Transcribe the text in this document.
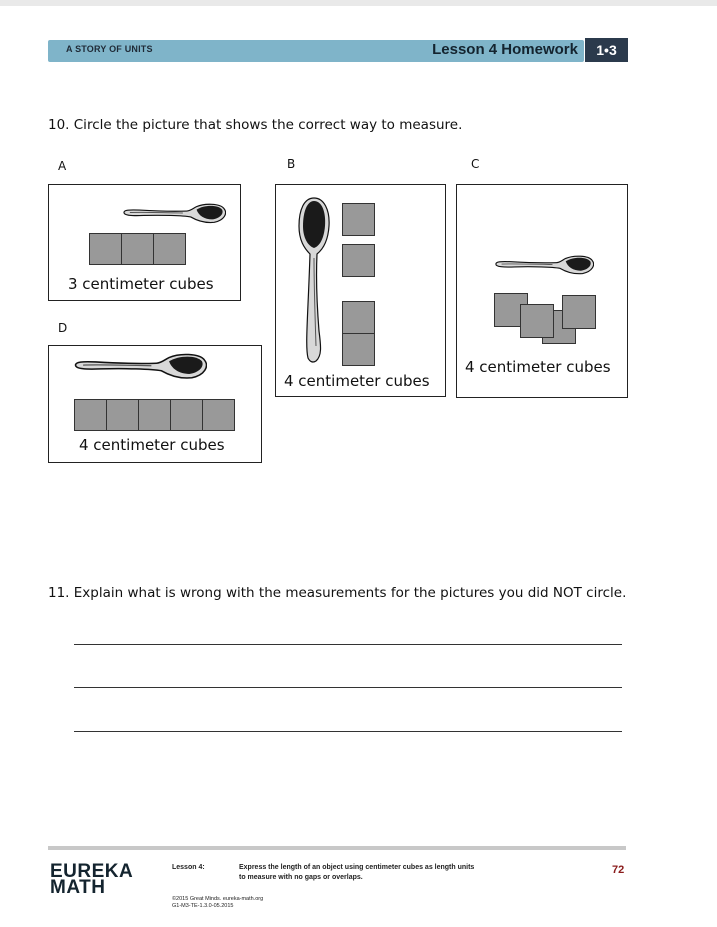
A STORY OF UNITS	Lesson 4 Homework	1•3
10. Circle the picture that shows the correct way to measure.
A
3 centimeter cubes
B
4 centimeter cubes
C
4 centimeter cubes
D
4 centimeter cubes
11. Explain what is wrong with the measurements for the pictures you did NOT circle.
EUREKA
MATH
Lesson 4:	Express the length of an object using centimeter cubes as length units
to measure with no gaps or overlaps.
©2015 Great Minds. eureka-math.org
G1-M3-TE-1.3.0-05.2015
72
